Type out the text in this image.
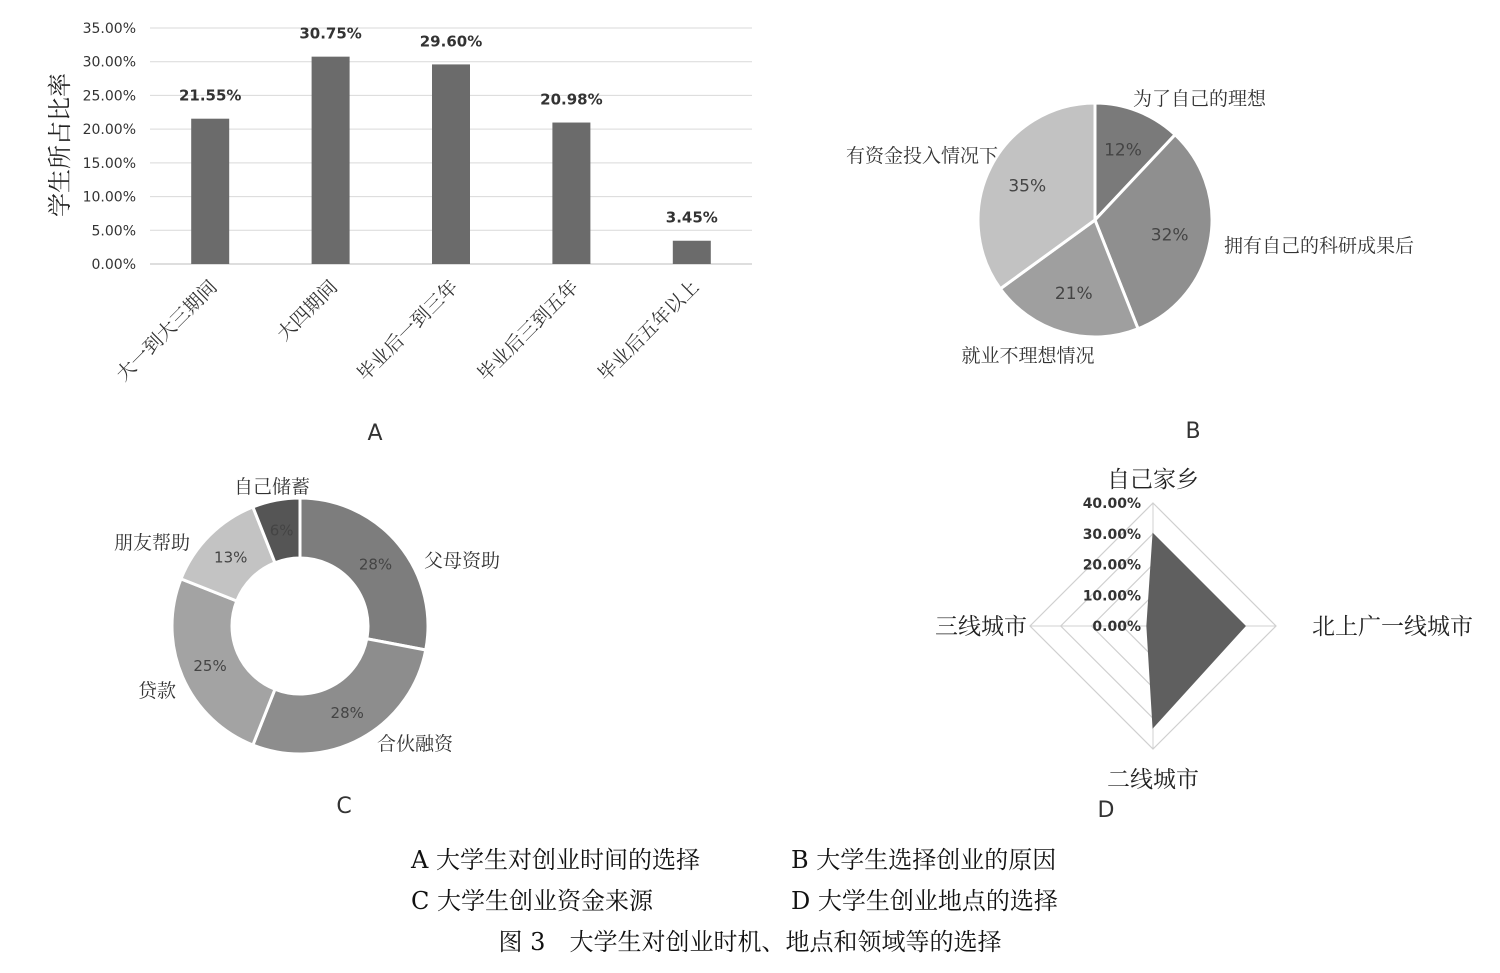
学生所占比率
0.00%
5.00%
10.00%
15.00%
20.00%
25.00%
30.00%
35.00%
21.55%
大一到大三期间
30.75%
大四期间
29.60%
毕业后一到三年
20.98%
毕业后三到五年
3.45%
毕业后五年以上
A
12%
为了自己的理想
32% 拥有自己的科研成果后
21%
就业不理想情况
35%
有资金投入情况下
B
28% 父母资助
28%
合伙融资
25%
贷款
13%
朋友帮助
6%
自己储蓄
C
0.00%
10.00%
20.00%
30.00%
40.00%
自己家乡
北上广一线城市
二线城市
三线城市
D
A 大学生对创业时间的选择	B 大学生选择创业的原因
C 大学生创业资金来源	D 大学生创业地点的选择
图 3　大学生对创业时机、地点和领域等的选择
